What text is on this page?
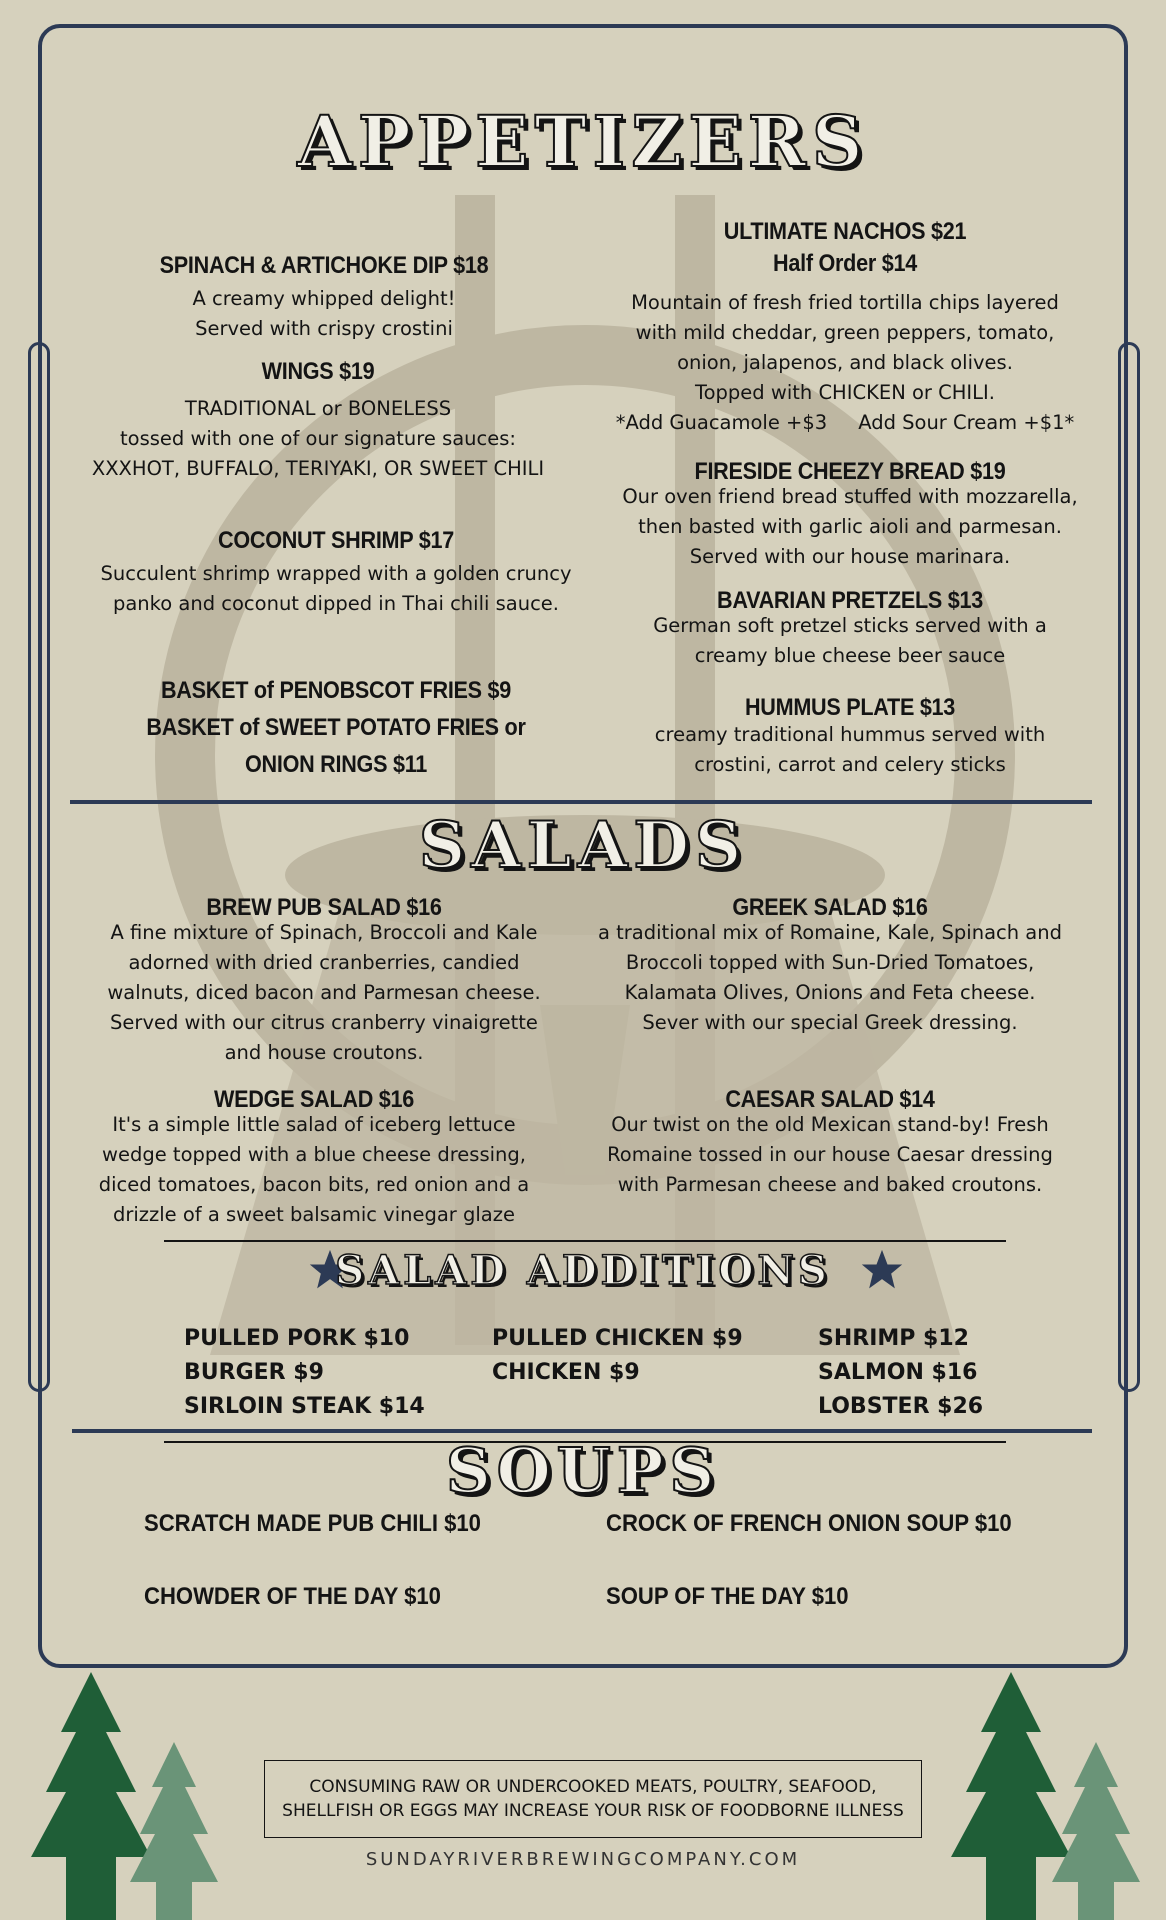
APPETIZERS
SPINACH & ARTICHOKE DIP $18
A creamy whipped delight!
Served with crispy crostini
WINGS $19
TRADITIONAL or BONELESS
tossed with one of our signature sauces:
XXXHOT, BUFFALO, TERIYAKI, OR SWEET CHILI
COCONUT SHRIMP $17
Succulent shrimp wrapped with a golden cruncy
panko and coconut dipped in Thai chili sauce.
BASKET of PENOBSCOT FRIES $9
BASKET of SWEET POTATO FRIES or
ONION RINGS $11
ULTIMATE NACHOS $21
Half Order $14
Mountain of fresh fried tortilla chips layered
with mild cheddar, green peppers, tomato,
onion, jalapenos, and black olives.
Topped with CHICKEN or CHILI.
*Add Guacamole +$3     Add Sour Cream +$1*
FIRESIDE CHEEZY BREAD $19
Our oven friend bread stuffed with mozzarella,
then basted with garlic aioli and parmesan.
Served with our house marinara.
BAVARIAN PRETZELS $13
German soft pretzel sticks served with a
creamy blue cheese beer sauce
HUMMUS PLATE $13
creamy traditional hummus served with
crostini, carrot and celery sticks
SALADS
BREW PUB SALAD $16
A fine mixture of Spinach, Broccoli and Kale
adorned with dried cranberries, candied
walnuts, diced bacon and Parmesan cheese.
Served with our citrus cranberry vinaigrette
and house croutons.
GREEK SALAD $16
a traditional mix of Romaine, Kale, Spinach and
Broccoli topped with Sun-Dried Tomatoes,
Kalamata Olives, Onions and Feta cheese.
Sever with our special Greek dressing.
WEDGE SALAD $16
It's a simple little salad of iceberg lettuce
wedge topped with a blue cheese dressing,
diced tomatoes, bacon bits, red onion and a
drizzle of a sweet balsamic vinegar glaze
CAESAR SALAD $14
Our twist on the old Mexican stand-by! Fresh
Romaine tossed in our house Caesar dressing
with Parmesan cheese and baked croutons.
SALAD ADDITIONS
PULLED PORK $10
BURGER $9
SIRLOIN STEAK $14
PULLED CHICKEN $9
CHICKEN $9
SHRIMP $12
SALMON $16
LOBSTER $26
SOUPS
SCRATCH MADE PUB CHILI $10	CROCK OF FRENCH ONION SOUP $10
CHOWDER OF THE DAY $10	SOUP OF THE DAY $10
CONSUMING RAW OR UNDERCOOKED MEATS, POULTRY, SEAFOOD,
SHELLFISH OR EGGS MAY INCREASE YOUR RISK OF FOODBORNE ILLNESS
SUNDAYRIVERBREWINGCOMPANY.COM
